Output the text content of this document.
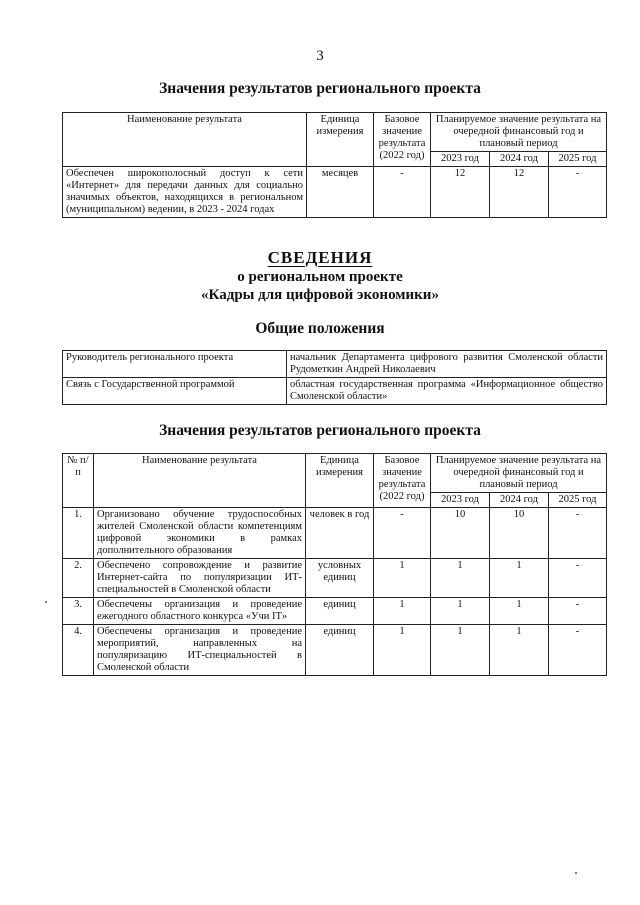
3
Значения результатов регионального проекта
Наименование результата	Единица измерения	Базовое значение результата (2022 год)	Планируемое значение результата на очередной финансовый год и плановый период		
			2023 год	2024 год	2025 год
Обеспечен широкополосный доступ к сети «Интернет» для передачи данных для социально значимых объектов, находящихся в региональном (муниципальном) ведении, в 2023 - 2024 годах	месяцев	-	12	12	-
СВЕДЕНИЯ
о региональном проекте
«Кадры для цифровой экономики»
Общие положения
Руководитель регионального проекта	начальник Департамента цифрового развития Смоленской области Рудометкин Андрей Николаевич
Связь с Государственной программой	областная государственная программа «Информационное общество Смоленской области»
Значения результатов регионального проекта
№ п/п	Наименование результата	Единица измерения	Базовое значение результата (2022 год)	Планируемое значение результата на очередной финансовый год и плановый период		
				2023 год	2024 год	2025 год
1.	Организовано обучение трудоспособных жителей Смоленской области компетенциям цифровой экономики в рамках дополнительного образования	человек в год	-	10	10	-
2.	Обеспечено сопровождение и развитие Интернет-сайта по популяризации ИТ-специальностей в Смоленской области	условных единиц	1	1	1	-
3.	Обеспечены организация и проведение ежегодного областного конкурса «Учи IT»	единиц	1	1	1	-
4.	Обеспечены организация и проведение мероприятий, направленных на популяризацию ИТ-специальностей в Смоленской области	единиц	1	1	1	-
